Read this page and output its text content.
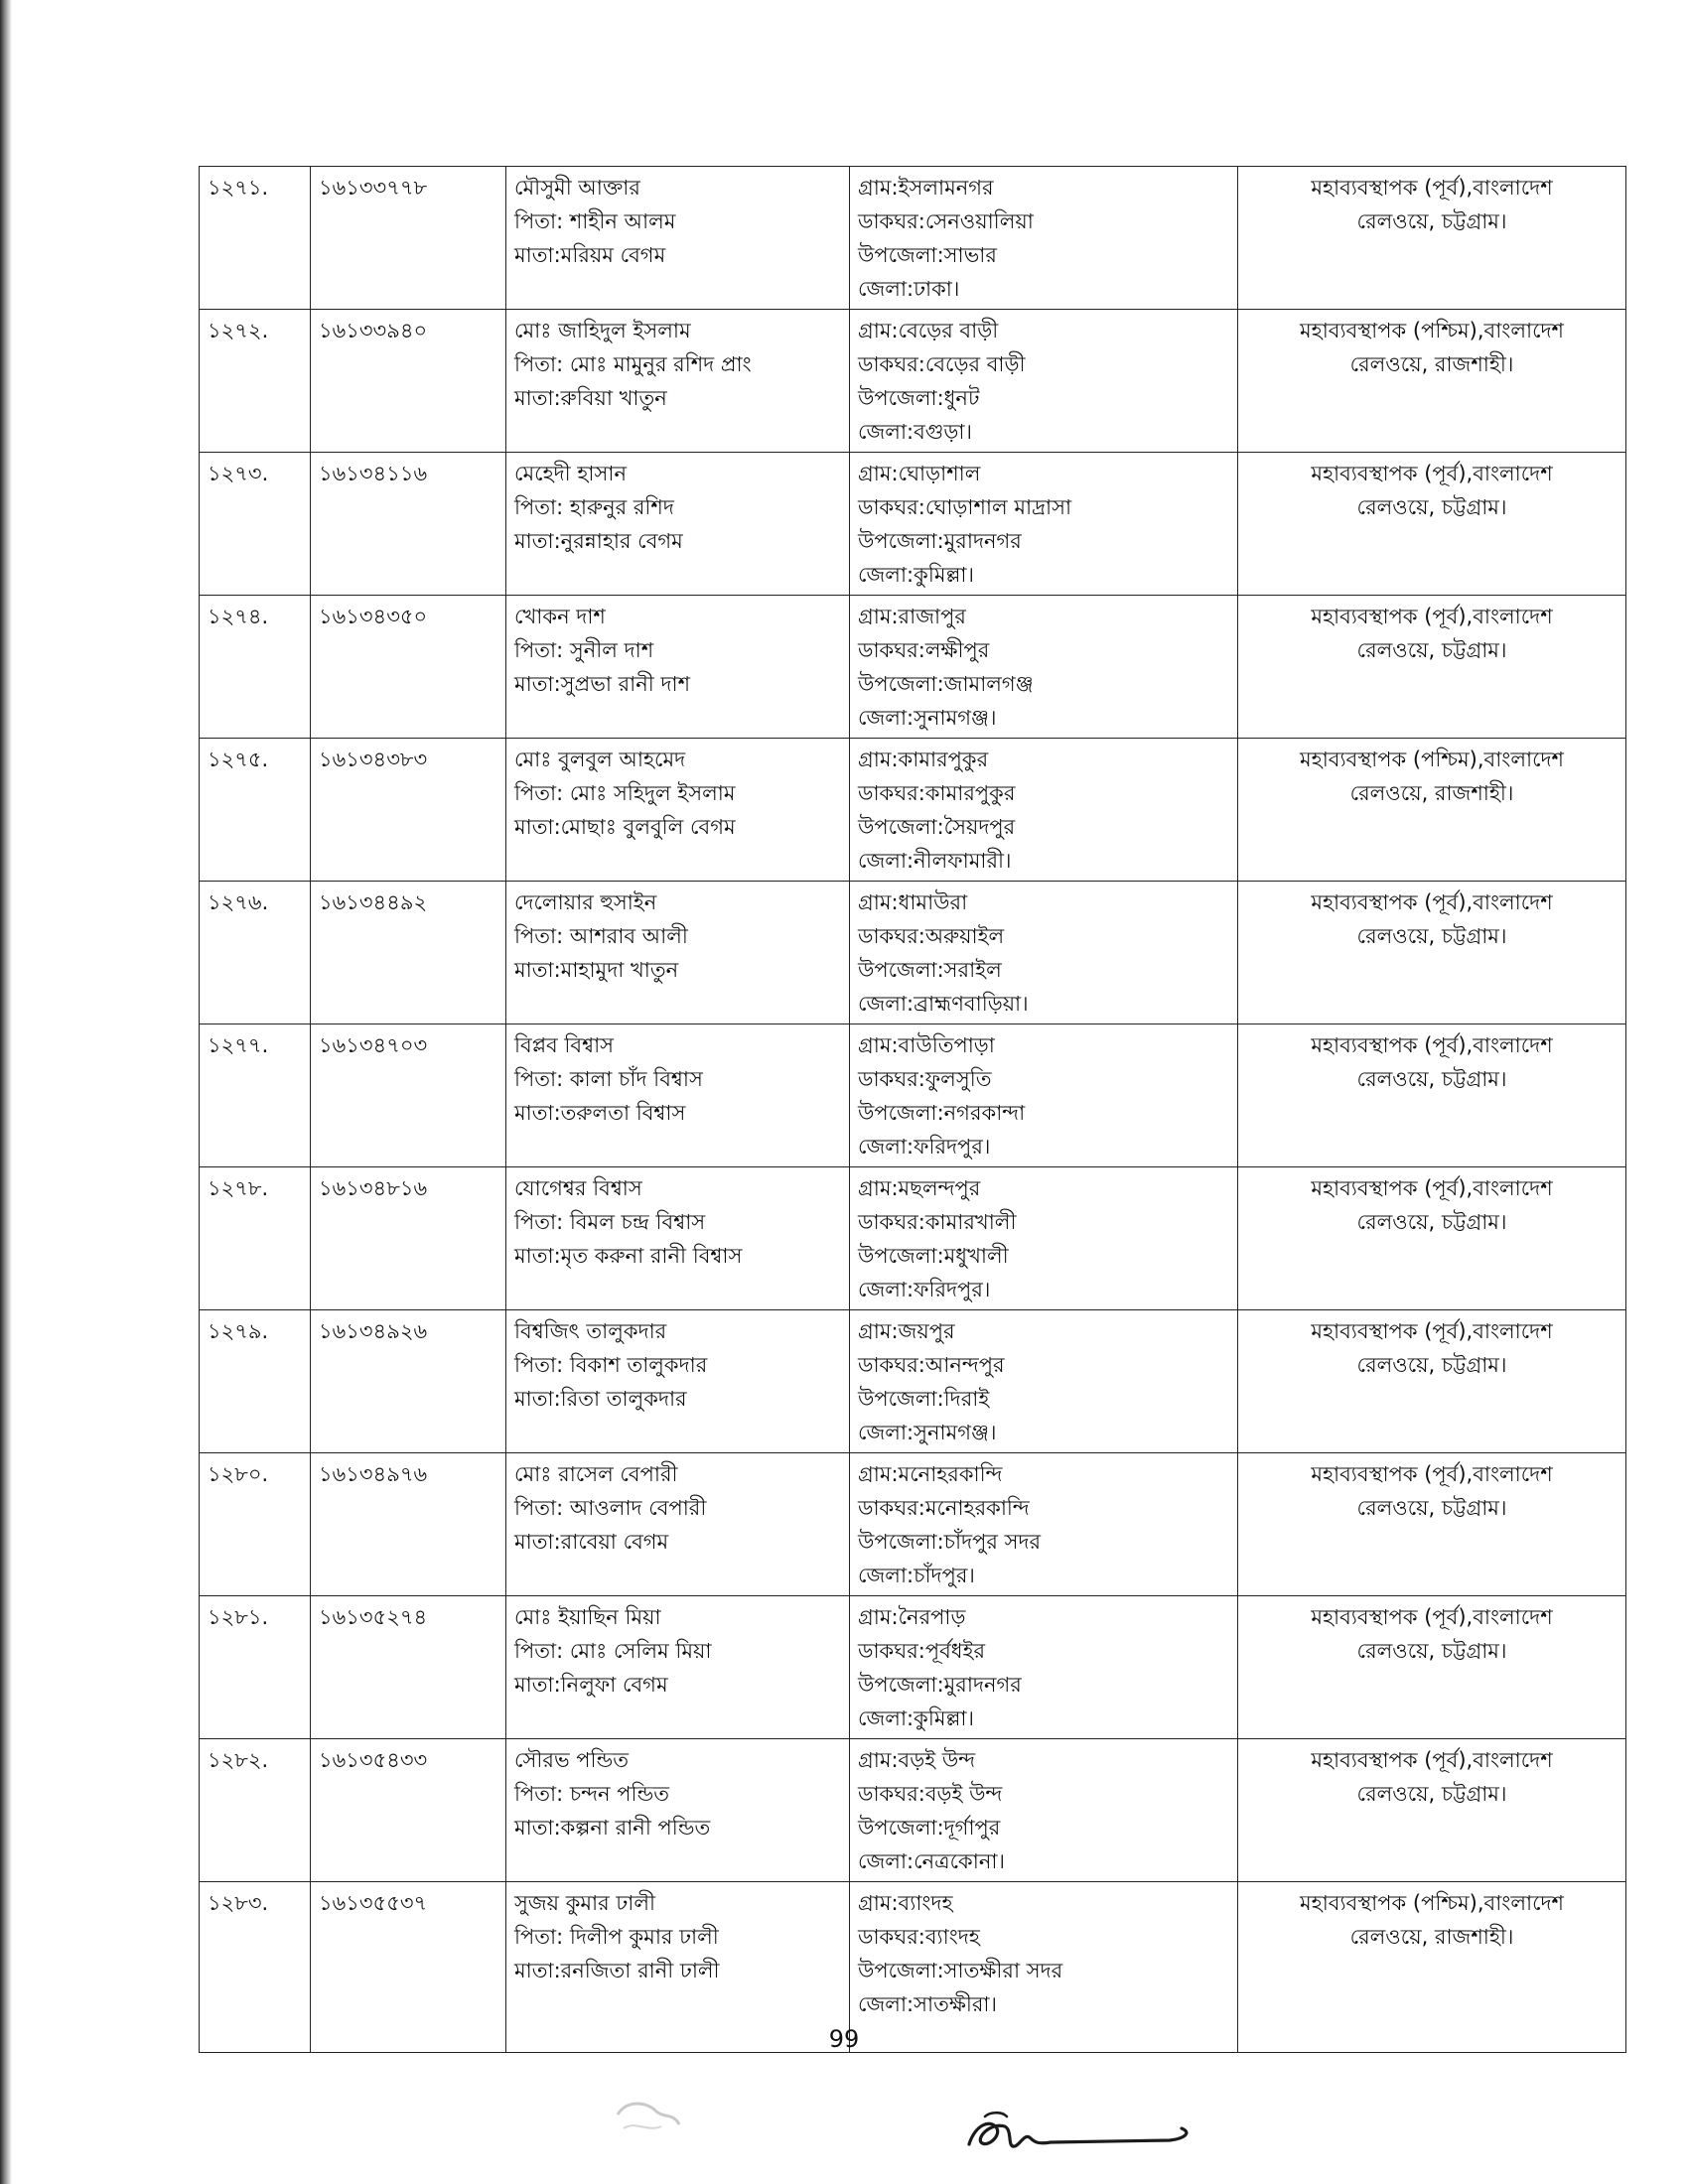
১২৭১.	১৬১৩৩৭৭৮	মৌসুমী আক্তার
পিতা: শাহীন আলম
মাতা:মরিয়ম বেগম	গ্রাম:ইসলামনগর
ডাকঘর:সেনওয়ালিয়া
উপজেলা:সাভার
জেলা:ঢাকা।	মহাব্যবস্থাপক (পূর্ব),বাংলাদেশ
রেলওয়ে, চট্টগ্রাম।

১২৭২.	১৬১৩৩৯৪০	মোঃ জাহিদুল ইসলাম
পিতা: মোঃ মামুনুর রশিদ প্রাং
মাতা:রুবিয়া খাতুন	গ্রাম:বেড়ের বাড়ী
ডাকঘর:বেড়ের বাড়ী
উপজেলা:ধুনট
জেলা:বগুড়া।	মহাব্যবস্থাপক (পশ্চিম),বাংলাদেশ
রেলওয়ে, রাজশাহী।

১২৭৩.	১৬১৩৪১১৬	মেহেদী হাসান
পিতা: হারুনুর রশিদ
মাতা:নুরন্নাহার বেগম	গ্রাম:ঘোড়াশাল
ডাকঘর:ঘোড়াশাল মাদ্রাসা
উপজেলা:মুরাদনগর
জেলা:কুমিল্লা।	মহাব্যবস্থাপক (পূর্ব),বাংলাদেশ
রেলওয়ে, চট্টগ্রাম।

১২৭৪.	১৬১৩৪৩৫০	খোকন দাশ
পিতা: সুনীল দাশ
মাতা:সুপ্রভা রানী দাশ	গ্রাম:রাজাপুর
ডাকঘর:লক্ষীপুর
উপজেলা:জামালগঞ্জ
জেলা:সুনামগঞ্জ।	মহাব্যবস্থাপক (পূর্ব),বাংলাদেশ
রেলওয়ে, চট্টগ্রাম।

১২৭৫.	১৬১৩৪৩৮৩	মোঃ বুলবুল আহমেদ
পিতা: মোঃ সহিদুল ইসলাম
মাতা:মোছাঃ বুলবুলি বেগম	গ্রাম:কামারপুকুর
ডাকঘর:কামারপুকুর
উপজেলা:সৈয়দপুর
জেলা:নীলফামারী।	মহাব্যবস্থাপক (পশ্চিম),বাংলাদেশ
রেলওয়ে, রাজশাহী।

১২৭৬.	১৬১৩৪৪৯২	দেলোয়ার হুসাইন
পিতা: আশরাব আলী
মাতা:মাহামুদা খাতুন	গ্রাম:ধামাউরা
ডাকঘর:অরুয়াইল
উপজেলা:সরাইল
জেলা:ব্রাহ্মণবাড়িয়া।	মহাব্যবস্থাপক (পূর্ব),বাংলাদেশ
রেলওয়ে, চট্টগ্রাম।

১২৭৭.	১৬১৩৪৭০৩	বিপ্লব বিশ্বাস
পিতা: কালা চাঁদ বিশ্বাস
মাতা:তরুলতা বিশ্বাস	গ্রাম:বাউতিপাড়া
ডাকঘর:ফুলসুতি
উপজেলা:নগরকান্দা
জেলা:ফরিদপুর।	মহাব্যবস্থাপক (পূর্ব),বাংলাদেশ
রেলওয়ে, চট্টগ্রাম।

১২৭৮.	১৬১৩৪৮১৬	যোগেশ্বর বিশ্বাস
পিতা: বিমল চন্দ্র বিশ্বাস
মাতা:মৃত করুনা রানী বিশ্বাস	গ্রাম:মছলন্দপুর
ডাকঘর:কামারখালী
উপজেলা:মধুখালী
জেলা:ফরিদপুর।	মহাব্যবস্থাপক (পূর্ব),বাংলাদেশ
রেলওয়ে, চট্টগ্রাম।

১২৭৯.	১৬১৩৪৯২৬	বিশ্বজিৎ তালুকদার
পিতা: বিকাশ তালুকদার
মাতা:রিতা তালুকদার	গ্রাম:জয়পুর
ডাকঘর:আনন্দপুর
উপজেলা:দিরাই
জেলা:সুনামগঞ্জ।	মহাব্যবস্থাপক (পূর্ব),বাংলাদেশ
রেলওয়ে, চট্টগ্রাম।

১২৮০.	১৬১৩৪৯৭৬	মোঃ রাসেল বেপারী
পিতা: আওলাদ বেপারী
মাতা:রাবেয়া বেগম	গ্রাম:মনোহরকান্দি
ডাকঘর:মনোহরকান্দি
উপজেলা:চাঁদপুর সদর
জেলা:চাঁদপুর।	মহাব্যবস্থাপক (পূর্ব),বাংলাদেশ
রেলওয়ে, চট্টগ্রাম।

১২৮১.	১৬১৩৫২৭৪	মোঃ ইয়াছিন মিয়া
পিতা: মোঃ সেলিম মিয়া
মাতা:নিলুফা বেগম	গ্রাম:নৈরপাড়
ডাকঘর:পূর্বধইর
উপজেলা:মুরাদনগর
জেলা:কুমিল্লা।	মহাব্যবস্থাপক (পূর্ব),বাংলাদেশ
রেলওয়ে, চট্টগ্রাম।

১২৮২.	১৬১৩৫৪৩৩	সৌরভ পন্ডিত
পিতা: চন্দন পন্ডিত
মাতা:কল্পনা রানী পন্ডিত	গ্রাম:বড়ই উন্দ
ডাকঘর:বড়ই উন্দ
উপজেলা:দূর্গাপুর
জেলা:নেত্রকোনা।	মহাব্যবস্থাপক (পূর্ব),বাংলাদেশ
রেলওয়ে, চট্টগ্রাম।

১২৮৩.	১৬১৩৫৫৩৭	সুজয় কুমার ঢালী
পিতা: দিলীপ কুমার ঢালী
মাতা:রনজিতা রানী ঢালী	গ্রাম:ব্যাংদহ
ডাকঘর:ব্যাংদহ
উপজেলা:সাতক্ষীরা সদর
জেলা:সাতক্ষীরা।	মহাব্যবস্থাপক (পশ্চিম),বাংলাদেশ
রেলওয়ে, রাজশাহী।
99
